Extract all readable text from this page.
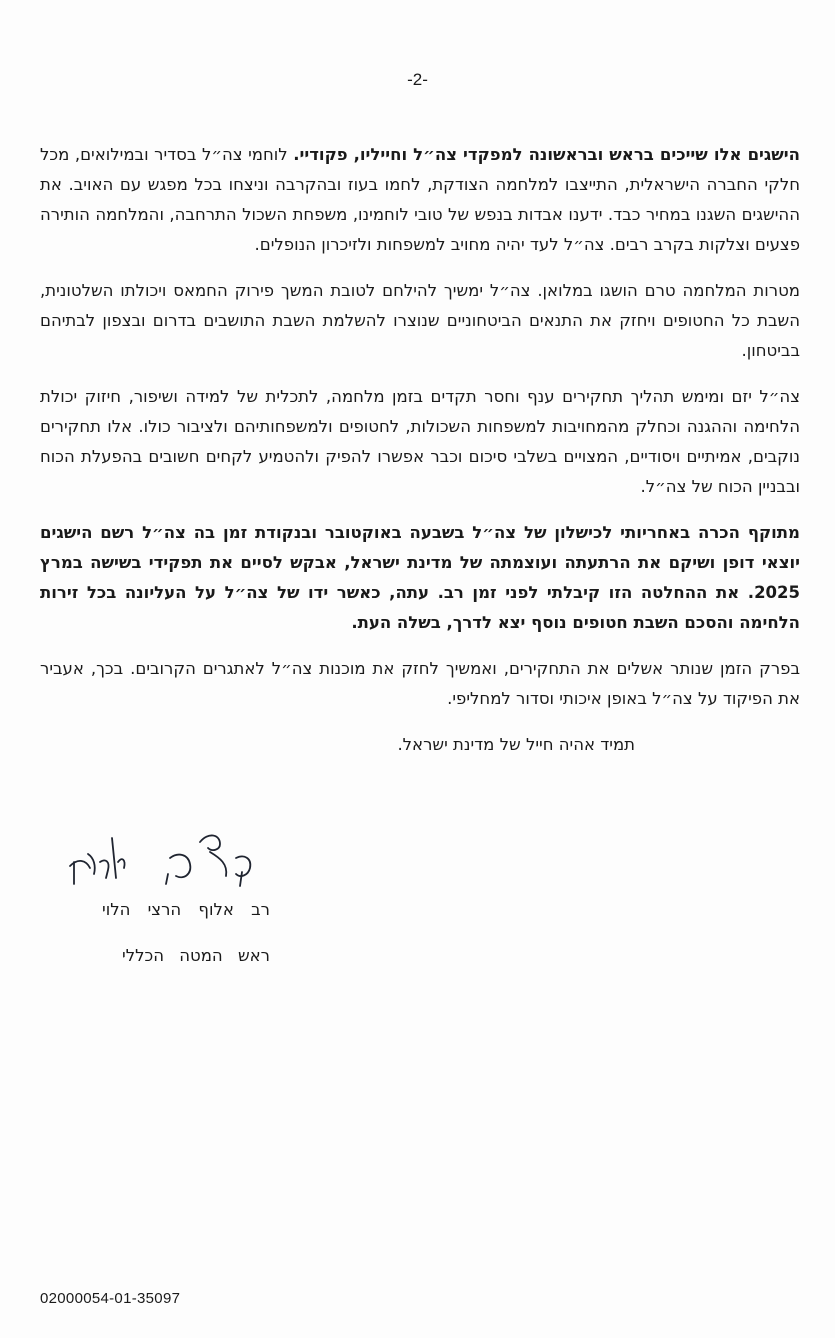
-2-

הישגים אלו שייכים בראש ובראשונה למפקדי צה״ל וחייליו, פקודיי. לוחמי צה״ל בסדיר ובמילואים, מכל חלקי החברה הישראלית, התייצבו למלחמה הצודקת, לחמו בעוז ובהקרבה וניצחו בכל מפגש עם האויב. את ההישגים השגנו במחיר כבד. ידענו אבדות בנפש של טובי לוחמינו, משפחת השכול התרחבה, והמלחמה הותירה פצעים וצלקות בקרב רבים. צה״ל לעד יהיה מחויב למשפחות ולזיכרון הנופלים.

מטרות המלחמה טרם הושגו במלואן. צה״ל ימשיך להילחם לטובת המשך פירוק החמאס ויכולתו השלטונית, השבת כל החטופים ויחזק את התנאים הביטחוניים שנוצרו להשלמת השבת התושבים בדרום ובצפון לבתיהם בביטחון.

צה״ל יזם ומימש תהליך תחקירים ענף וחסר תקדים בזמן מלחמה, לתכלית של למידה ושיפור, חיזוק יכולת הלחימה וההגנה וכחלק מהמחויבות למשפחות השכולות, לחטופים ולמשפחותיהם ולציבור כולו. אלו תחקירים נוקבים, אמיתיים ויסודיים, המצויים בשלבי סיכום וכבר אפשרו להפיק ולהטמיע לקחים חשובים בהפעלת הכוח ובבניין הכוח של צה״ל.

מתוקף הכרה באחריותי לכישלון של צה״ל בשבעה באוקטובר ובנקודת זמן בה צה״ל רשם הישגים יוצאי דופן ושיקם את הרתעתה ועוצמתה של מדינת ישראל, אבקש לסיים את תפקידי בשישה במרץ 2025. את ההחלטה הזו קיבלתי לפני זמן רב. עתה, כאשר ידו של צה״ל על העליונה בכל זירות הלחימה והסכם השבת חטופים נוסף יצא לדרך, בשלה העת.

בפרק הזמן שנותר אשלים את התחקירים, ואמשיך לחזק את מוכנות צה״ל לאתגרים הקרובים. בכך, אעביר את הפיקוד על צה״ל באופן איכותי וסדור למחליפי.

תמיד אהיה חייל של מדינת ישראל.

רב אלוף הרצי הלוי
ראש המטה הכללי
02000054-01-35097
